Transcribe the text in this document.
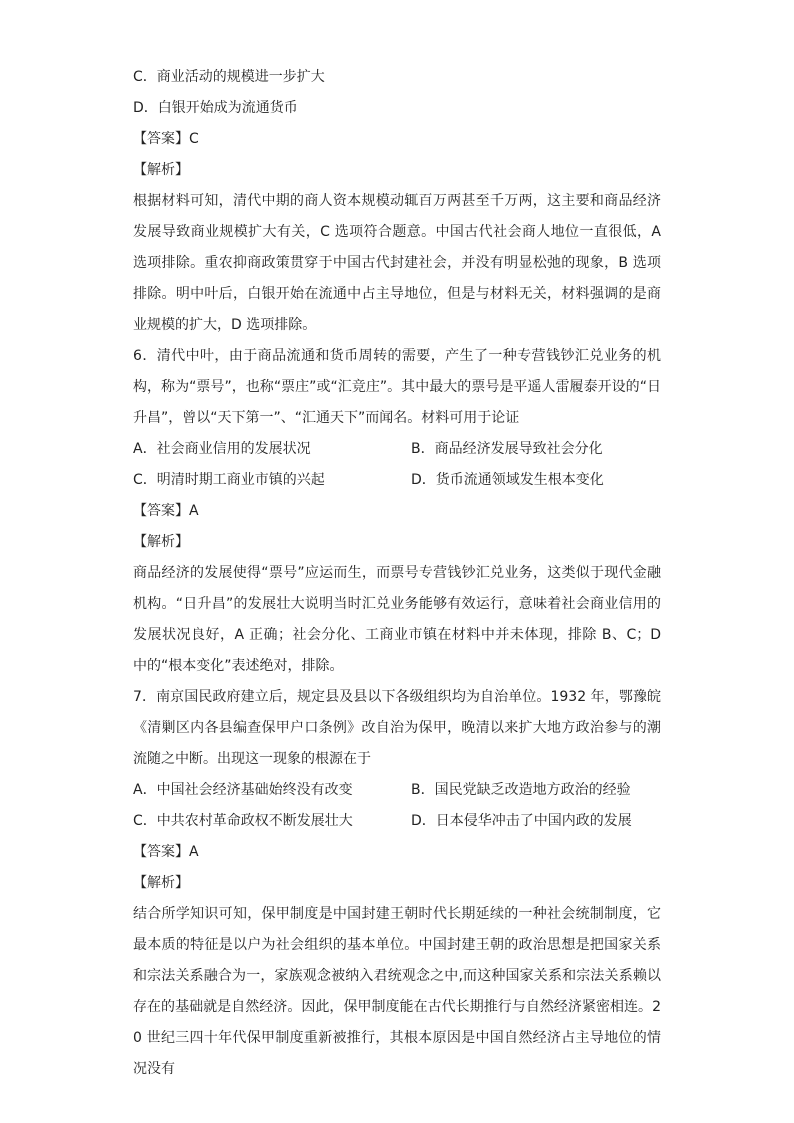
C．商业活动的规模进一步扩大
D．白银开始成为流通货币
【答案】C
【解析】
根据材料可知，清代中期的商人资本规模动辄百万两甚至千万两，这主要和商品经济发展导致商业规模扩大有关，C 选项符合题意。中国古代社会商人地位一直很低，A 选项排除。重农抑商政策贯穿于中国古代封建社会，并没有明显松弛的现象，B 选项排除。明中叶后，白银开始在流通中占主导地位，但是与材料无关，材料强调的是商业规模的扩大，D 选项排除。
6．清代中叶，由于商品流通和货币周转的需要，产生了一种专营钱钞汇兑业务的机构，称为“票号”，也称“票庄”或“汇竞庄”。其中最大的票号是平遥人雷履泰开设的“日升昌”，曾以“天下第一”、“汇通天下”而闻名。材料可用于论证
A．社会商业信用的发展状况	B．商品经济发展导致社会分化
C．明清时期工商业市镇的兴起	D．货币流通领域发生根本变化
【答案】A
【解析】
商品经济的发展使得“票号”应运而生，而票号专营钱钞汇兑业务，这类似于现代金融机构。“日升昌”的发展壮大说明当时汇兑业务能够有效运行，意味着社会商业信用的发展状况良好，A 正确；社会分化、工商业市镇在材料中并未体现，排除 B、C；D 中的“根本变化”表述绝对，排除。
7．南京国民政府建立后，规定县及县以下各级组织均为自治单位。1932 年，鄂豫皖《清剿区内各县编查保甲户口条例》改自治为保甲，晚清以来扩大地方政治参与的潮流随之中断。出现这一现象的根源在于
A．中国社会经济基础始终没有改变	B．国民党缺乏改造地方政治的经验
C．中共农村革命政权不断发展壮大	D．日本侵华冲击了中国内政的发展
【答案】A
【解析】
结合所学知识可知，保甲制度是中国封建王朝时代长期延续的一种社会统制制度，它最本质的特征是以户为社会组织的基本单位。中国封建王朝的政治思想是把国家关系和宗法关系融合为一，家族观念被纳入君统观念之中,而这种国家关系和宗法关系赖以存在的基础就是自然经济。因此，保甲制度能在古代长期推行与自然经济紧密相连。20 世纪三四十年代保甲制度重新被推行，其根本原因是中国自然经济占主导地位的情况没有
